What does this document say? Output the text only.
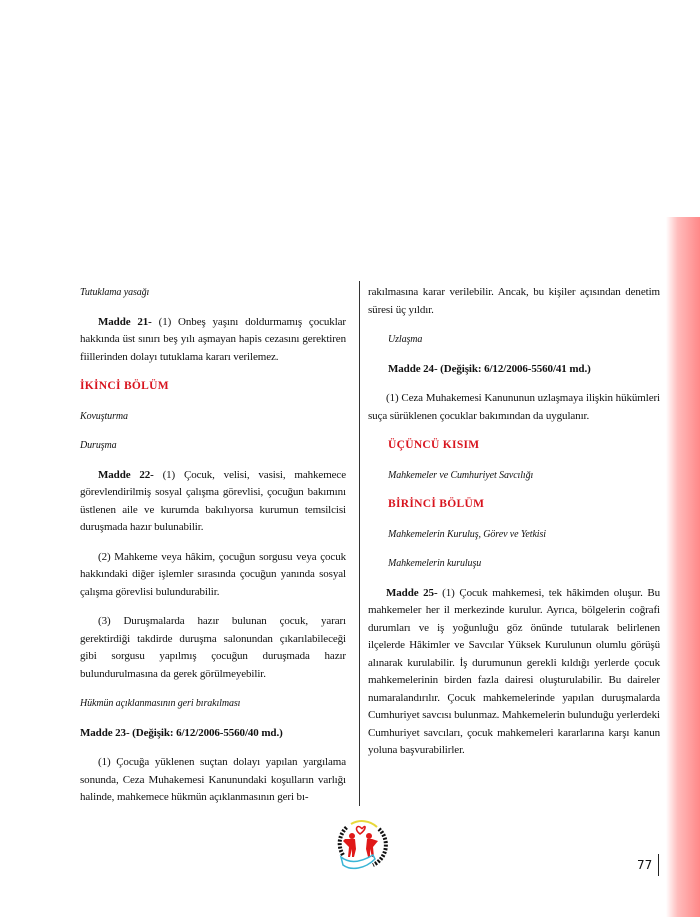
Tutuklama yasağı
Madde 21- (1) Onbeş yaşını doldurmamış çocuklar hakkında üst sınırı beş yılı aşmayan hapis cezasını gerektiren fiillerinden dolayı tutuklama kararı verilemez.
İKİNCİ BÖLÜM
Kovuşturma
Duruşma
Madde 22- (1) Çocuk, velisi, vasisi, mahkemece görevlendirilmiş sosyal çalışma görevlisi, çocuğun bakımını üstlenen aile ve kurumda bakılıyorsa kurumun temsilcisi duruşmada hazır bulunabilir.
(2) Mahkeme veya hâkim, çocuğun sorgusu veya çocuk hakkındaki diğer işlemler sırasında çocuğun yanında sosyal çalışma görevlisi bulundurabilir.
(3) Duruşmalarda hazır bulunan çocuk, yararı gerektirdiği takdirde duruşma salonundan çıkarılabileceği gibi sorgusu yapılmış çocuğun duruşmada hazır bulundurulmasına da gerek görülmeyebilir.
Hükmün açıklanmasının geri bırakılması
Madde 23- (Değişik: 6/12/2006-5560/40 md.)
(1) Çocuğa yüklenen suçtan dolayı yapılan yargılama sonunda, Ceza Muhakemesi Kanunundaki koşulların varlığı halinde, mahkemece hükmün açıklanmasının geri bı-
rakılmasına karar verilebilir. Ancak, bu kişiler açısından denetim süresi üç yıldır.
Uzlaşma
Madde 24- (Değişik: 6/12/2006-5560/41 md.)
(1) Ceza Muhakemesi Kanununun uzlaşmaya ilişkin hükümleri suça sürüklenen çocuklar bakımından da uygulanır.
ÜÇÜNCÜ KISIM
Mahkemeler ve Cumhuriyet Savcılığı
BİRİNCİ BÖLÜM
Mahkemelerin Kuruluş, Görev ve Yetkisi
Mahkemelerin kuruluşu
Madde 25- (1) Çocuk mahkemesi, tek hâkimden oluşur. Bu mahkemeler her il merkezinde kurulur. Ayrıca, bölgelerin coğrafi durumları ve iş yoğunluğu göz önünde tutularak belirlenen ilçelerde Hâkimler ve Savcılar Yüksek Kurulunun olumlu görüşü alınarak kurulabilir. İş durumunun gerekli kıldığı yerlerde çocuk mahkemelerinin birden fazla dairesi oluşturulabilir. Bu daireler numaralandırılır. Çocuk mahkemelerinde yapılan duruşmalarda Cumhuriyet savcısı bulunmaz. Mahkemelerin bulunduğu yerlerdeki Cumhuriyet savcıları, çocuk mahkemeleri kararlarına karşı kanun yoluna başvurabilirler.
77
